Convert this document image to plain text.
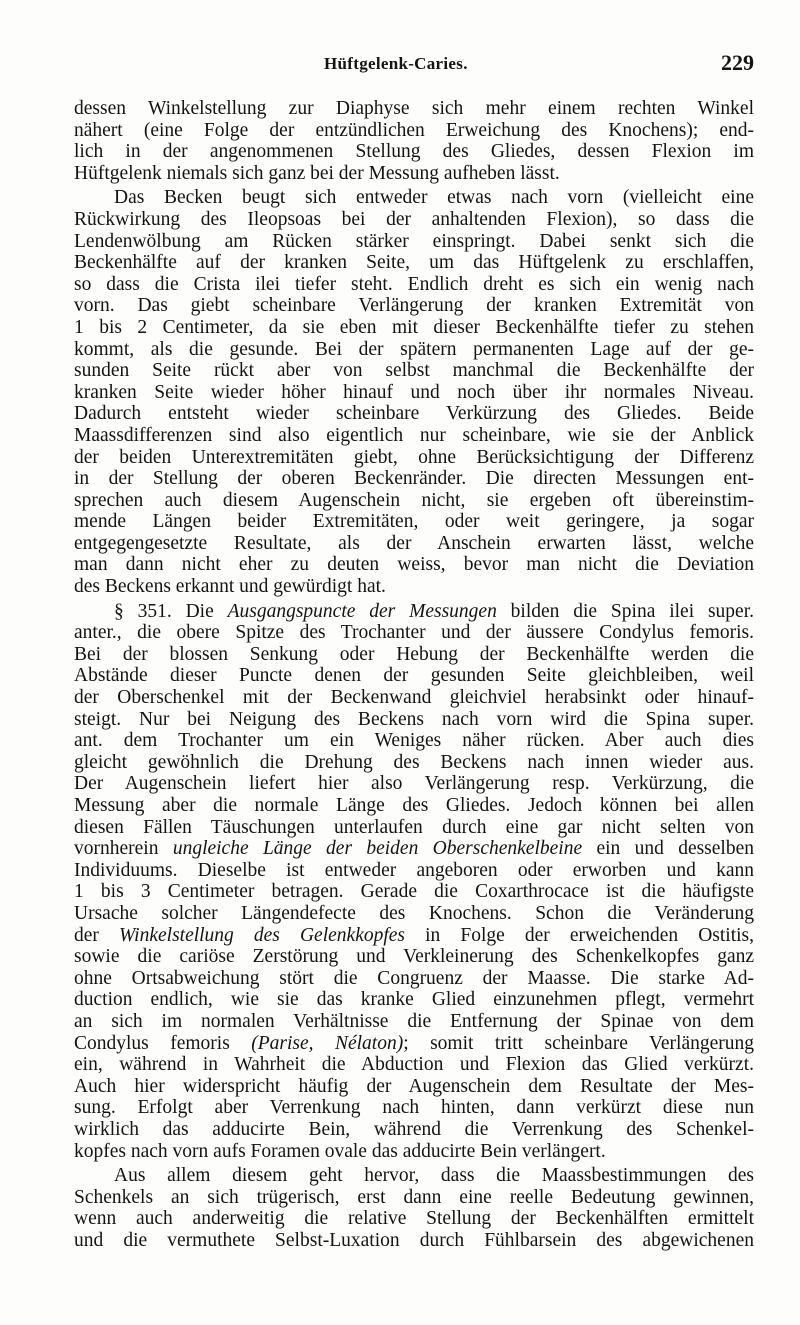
Hüftgelenk-Caries.	229
dessen Winkelstellung zur Diaphyse sich mehr einem rechten Winkel
nähert (eine Folge der entzündlichen Erweichung des Knochens); end-
lich in der angenommenen Stellung des Gliedes, dessen Flexion im
Hüftgelenk niemals sich ganz bei der Messung aufheben lässt.
Das Becken beugt sich entweder etwas nach vorn (vielleicht eine
Rückwirkung des Ileopsoas bei der anhaltenden Flexion), so dass die
Lendenwölbung am Rücken stärker einspringt. Dabei senkt sich die
Beckenhälfte auf der kranken Seite, um das Hüftgelenk zu erschlaffen,
so dass die Crista ilei tiefer steht. Endlich dreht es sich ein wenig nach
vorn. Das giebt scheinbare Verlängerung der kranken Extremität von
1 bis 2 Centimeter, da sie eben mit dieser Beckenhälfte tiefer zu stehen
kommt, als die gesunde. Bei der spätern permanenten Lage auf der ge-
sunden Seite rückt aber von selbst manchmal die Beckenhälfte der
kranken Seite wieder höher hinauf und noch über ihr normales Niveau.
Dadurch entsteht wieder scheinbare Verkürzung des Gliedes. Beide
Maassdifferenzen sind also eigentlich nur scheinbare, wie sie der Anblick
der beiden Unterextremitäten giebt, ohne Berücksichtigung der Differenz
in der Stellung der oberen Beckenränder. Die directen Messungen ent-
sprechen auch diesem Augenschein nicht, sie ergeben oft übereinstim-
mende Längen beider Extremitäten, oder weit geringere, ja sogar
entgegengesetzte Resultate, als der Anschein erwarten lässt, welche
man dann nicht eher zu deuten weiss, bevor man nicht die Deviation
des Beckens erkannt und gewürdigt hat.
§ 351. Die Ausgangspuncte der Messungen bilden die Spina ilei super.
anter., die obere Spitze des Trochanter und der äussere Condylus femoris.
Bei der blossen Senkung oder Hebung der Beckenhälfte werden die
Abstände dieser Puncte denen der gesunden Seite gleichbleiben, weil
der Oberschenkel mit der Beckenwand gleichviel herabsinkt oder hinauf-
steigt. Nur bei Neigung des Beckens nach vorn wird die Spina super.
ant. dem Trochanter um ein Weniges näher rücken. Aber auch dies
gleicht gewöhnlich die Drehung des Beckens nach innen wieder aus.
Der Augenschein liefert hier also Verlängerung resp. Verkürzung, die
Messung aber die normale Länge des Gliedes. Jedoch können bei allen
diesen Fällen Täuschungen unterlaufen durch eine gar nicht selten von
vornherein ungleiche Länge der beiden Oberschenkelbeine ein und desselben
Individuums. Dieselbe ist entweder angeboren oder erworben und kann
1 bis 3 Centimeter betragen. Gerade die Coxarthrocace ist die häufigste
Ursache solcher Längendefecte des Knochens. Schon die Veränderung
der Winkelstellung des Gelenkkopfes in Folge der erweichenden Ostitis,
sowie die cariöse Zerstörung und Verkleinerung des Schenkelkopfes ganz
ohne Ortsabweichung stört die Congruenz der Maasse. Die starke Ad-
duction endlich, wie sie das kranke Glied einzunehmen pflegt, vermehrt
an sich im normalen Verhältnisse die Entfernung der Spinae von dem
Condylus femoris (Parise, Nélaton); somit tritt scheinbare Verlängerung
ein, während in Wahrheit die Abduction und Flexion das Glied verkürzt.
Auch hier widerspricht häufig der Augenschein dem Resultate der Mes-
sung. Erfolgt aber Verrenkung nach hinten, dann verkürzt diese nun
wirklich das adducirte Bein, während die Verrenkung des Schenkel-
kopfes nach vorn aufs Foramen ovale das adducirte Bein verlängert.
Aus allem diesem geht hervor, dass die Maassbestimmungen des
Schenkels an sich trügerisch, erst dann eine reelle Bedeutung gewinnen,
wenn auch anderweitig die relative Stellung der Beckenhälften ermittelt
und die vermuthete Selbst-Luxation durch Fühlbarsein des abgewichenen
